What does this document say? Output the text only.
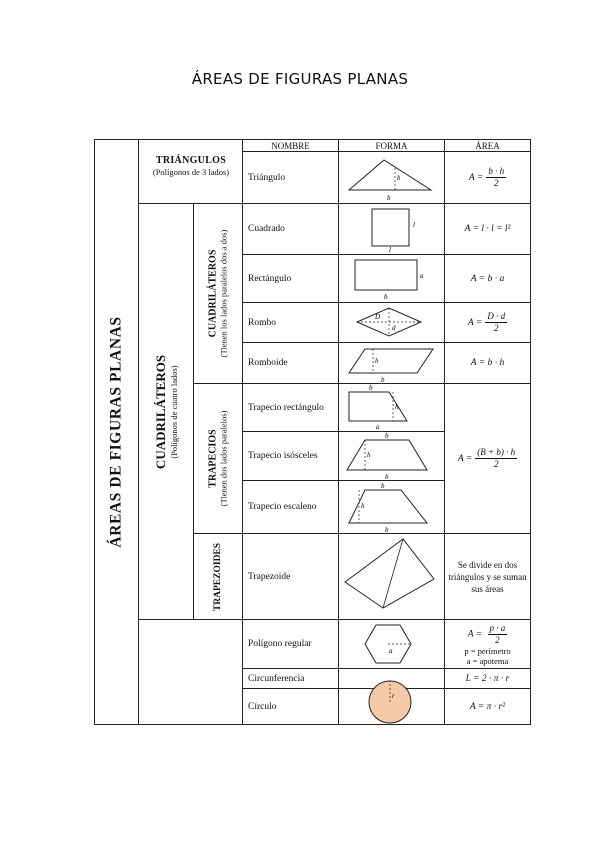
ÁREAS DE FIGURAS PLANAS
NOMBRE	FORMA	ÁREA
ÁREAS DE FIGURAS PLANAS
TRIÁNGULOS
(Polígonos de 3 lados)
CUADRILÁTEROS (Polígonos de cuatro lados)
CUADRILÁTEROS (Tienen los lados paralelos dos a dos)
TRAPECIOS (Tienen dos lados paralelos)
TRAPEZOIDES
Triángulo
Cuadrado
Rectángulo
Rombo
Romboide
Trapecio rectángulo
Trapecio isósceles
Trapecio escaleno
Trapezoide
Polígono regular
Circunferencia
Círculo
$A = \frac{b \cdot h}{2}$
A = l · l = l²
A = b · a
$A = \frac{D \cdot d}{2}$
A = b · h
$A = \frac{(B + b) \cdot h}{2}$
Se divide en dos triángulos y se suman sus áreas
$A = \frac{p \cdot a}{2}$
p = perímetro
a = apotema
L = 2 · π · r
A = π · r²
h
b
l
l
a
b
D
d
h
b
h
b
a
h
b
b
h
b
b
a
r
